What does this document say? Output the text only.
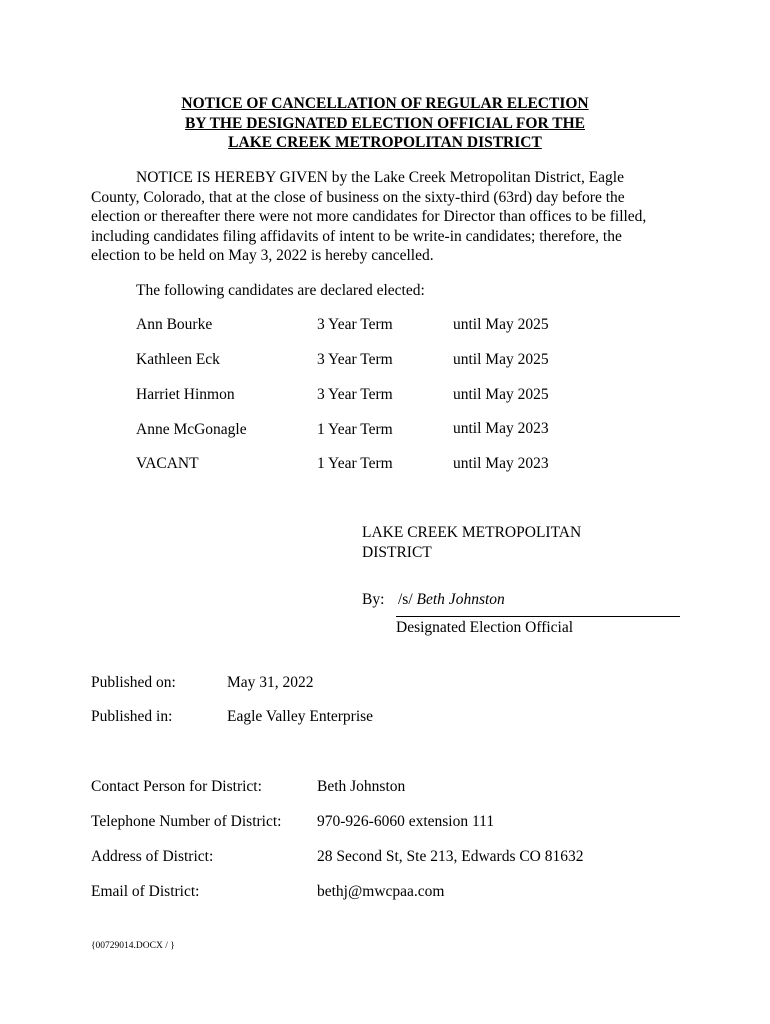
NOTICE OF CANCELLATION OF REGULAR ELECTION
BY THE DESIGNATED ELECTION OFFICIAL FOR THE
LAKE CREEK METROPOLITAN DISTRICT
NOTICE IS HEREBY GIVEN by the Lake Creek Metropolitan District, Eagle
County, Colorado, that at the close of business on the sixty-third (63rd) day before the
election or thereafter there were not more candidates for Director than offices to be filled,
including candidates filing affidavits of intent to be write-in candidates; therefore, the
election to be held on May 3, 2022 is hereby cancelled.
The following candidates are declared elected:
Ann Bourke	3 Year Term	until May 2025
Kathleen Eck	3 Year Term	until May 2025
Harriet Hinmon	3 Year Term	until May 2025
Anne McGonagle	1 Year Term	until May 2023
VACANT	1 Year Term	until May 2023
LAKE CREEK METROPOLITAN
DISTRICT
By: /s/ Beth Johnston
Designated Election Official
Published on:	May 31, 2022
Published in:	Eagle Valley Enterprise
Contact Person for District:	Beth Johnston
Telephone Number of District: 970-926-6060 extension 111
Address of District:	28 Second St, Ste 213, Edwards CO 81632
Email of District:	bethj@mwcpaa.com
{00729014.DOCX / }
